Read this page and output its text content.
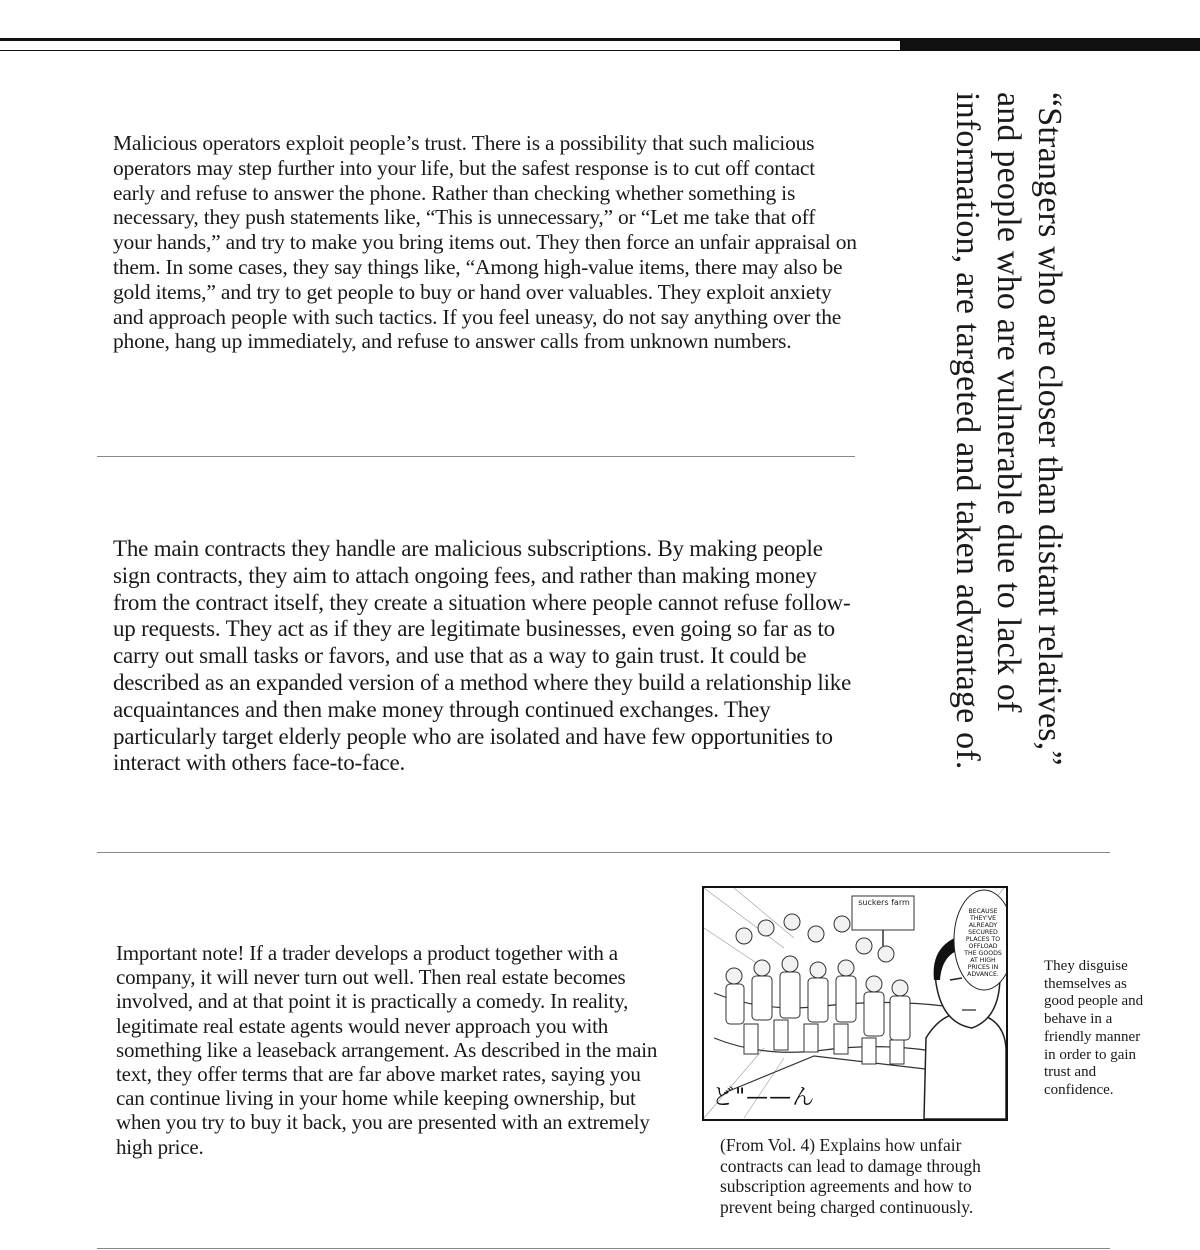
Malicious operators exploit people’s trust. There is a possibility that such malicious operators may step further into your life, but the safest response is to cut off contact early and refuse to answer the phone. Rather than checking whether something is necessary, they push statements like, “This is unnecessary,” or “Let me take that off your hands,” and try to make you bring items out. They then force an unfair appraisal on them. In some cases, they say things like, “Among high-value items, there may also be gold items,” and try to get people to buy or hand over valuables. They exploit anxiety and approach people with such tactics. If you feel uneasy, do not say anything over the phone, hang up immediately, and refuse to answer calls from unknown numbers.

The main contracts they handle are malicious subscriptions. By making people sign contracts, they aim to attach ongoing fees, and rather than making money from the contract itself, they create a situation where people cannot refuse follow-up requests. They act as if they are legitimate businesses, even going so far as to carry out small tasks or favors, and use that as a way to gain trust. It could be described as an expanded version of a method where they build a relationship like acquaintances and then make money through continued exchanges. They particularly target elderly people who are isolated and have few opportunities to interact with others face-to-face.	“Strangers who are closer than distant relatives,” and people who are vulnerable due to lack of information, are targeted and taken advantage of.

Important note! If a trader develops a product together with a company, it will never turn out well. Then real estate becomes involved, and at that point it is practically a comedy. In reality, legitimate real estate agents would never approach you with something like a leaseback arrangement. As described in the main text, they offer terms that are far above market rates, saying you can continue living in your home while keeping ownership, but when you try to buy it back, you are presented with an extremely high price.

suckers farm
BECAUSE
THEY'VE
ALREADY
SECURED
PLACES TO
OFFLOAD
THE GOODS
AT HIGH
PRICES IN
ADVANCE.
ど"——ん

They disguise themselves as good people and behave in a friendly manner in order to gain trust and confidence.

(From Vol. 4) Explains how unfair contracts can lead to damage through subscription agreements and how to prevent being charged continuously.
